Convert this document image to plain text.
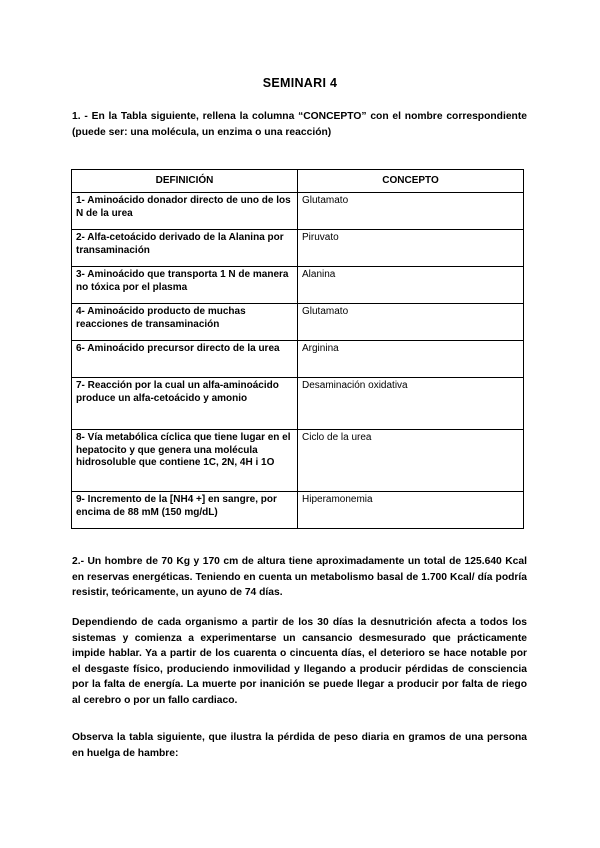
SEMINARI 4
1. - En la Tabla siguiente, rellena la columna “CONCEPTO” con el nombre correspondiente (puede ser: una molécula, un enzima o una reacción)
DEFINICIÓN	CONCEPTO
1- Aminoácido donador directo de uno de los N de la urea	Glutamato
2- Alfa-cetoácido derivado de la Alanina por transaminación	Piruvato
3- Aminoácido que transporta 1 N de manera no tóxica por el plasma	Alanina
4- Aminoácido producto de muchas reacciones de transaminación	Glutamato
6- Aminoácido precursor directo de la urea	Arginina
7- Reacción por la cual un alfa-aminoácido produce un alfa-cetoácido y amonio	Desaminación oxidativa
8- Vía metabólica cíclica que tiene lugar en el hepatocito y que genera una molécula hidrosoluble que contiene 1C, 2N, 4H i 1O	Ciclo de la urea
9- Incremento de la [NH4 +] en sangre, por encima de 88 mM (150 mg/dL)	Hiperamonemia
2.- Un hombre de 70 Kg y 170 cm de altura tiene aproximadamente un total de 125.640 Kcal en reservas energéticas. Teniendo en cuenta un metabolismo basal de 1.700 Kcal/ día podría resistir, teóricamente, un ayuno de 74 días.
Dependiendo de cada organismo a partir de los 30 días la desnutrición afecta a todos los sistemas y comienza a experimentarse un cansancio desmesurado que prácticamente impide hablar. Ya a partir de los cuarenta o cincuenta días, el deterioro se hace notable por el desgaste físico, produciendo inmovilidad y llegando a producir pérdidas de consciencia por la falta de energía. La muerte por inanición se puede llegar a producir por falta de riego al cerebro o por un fallo cardiaco.
Observa la tabla siguiente, que ilustra la pérdida de peso diaria en gramos de una persona en huelga de hambre:
